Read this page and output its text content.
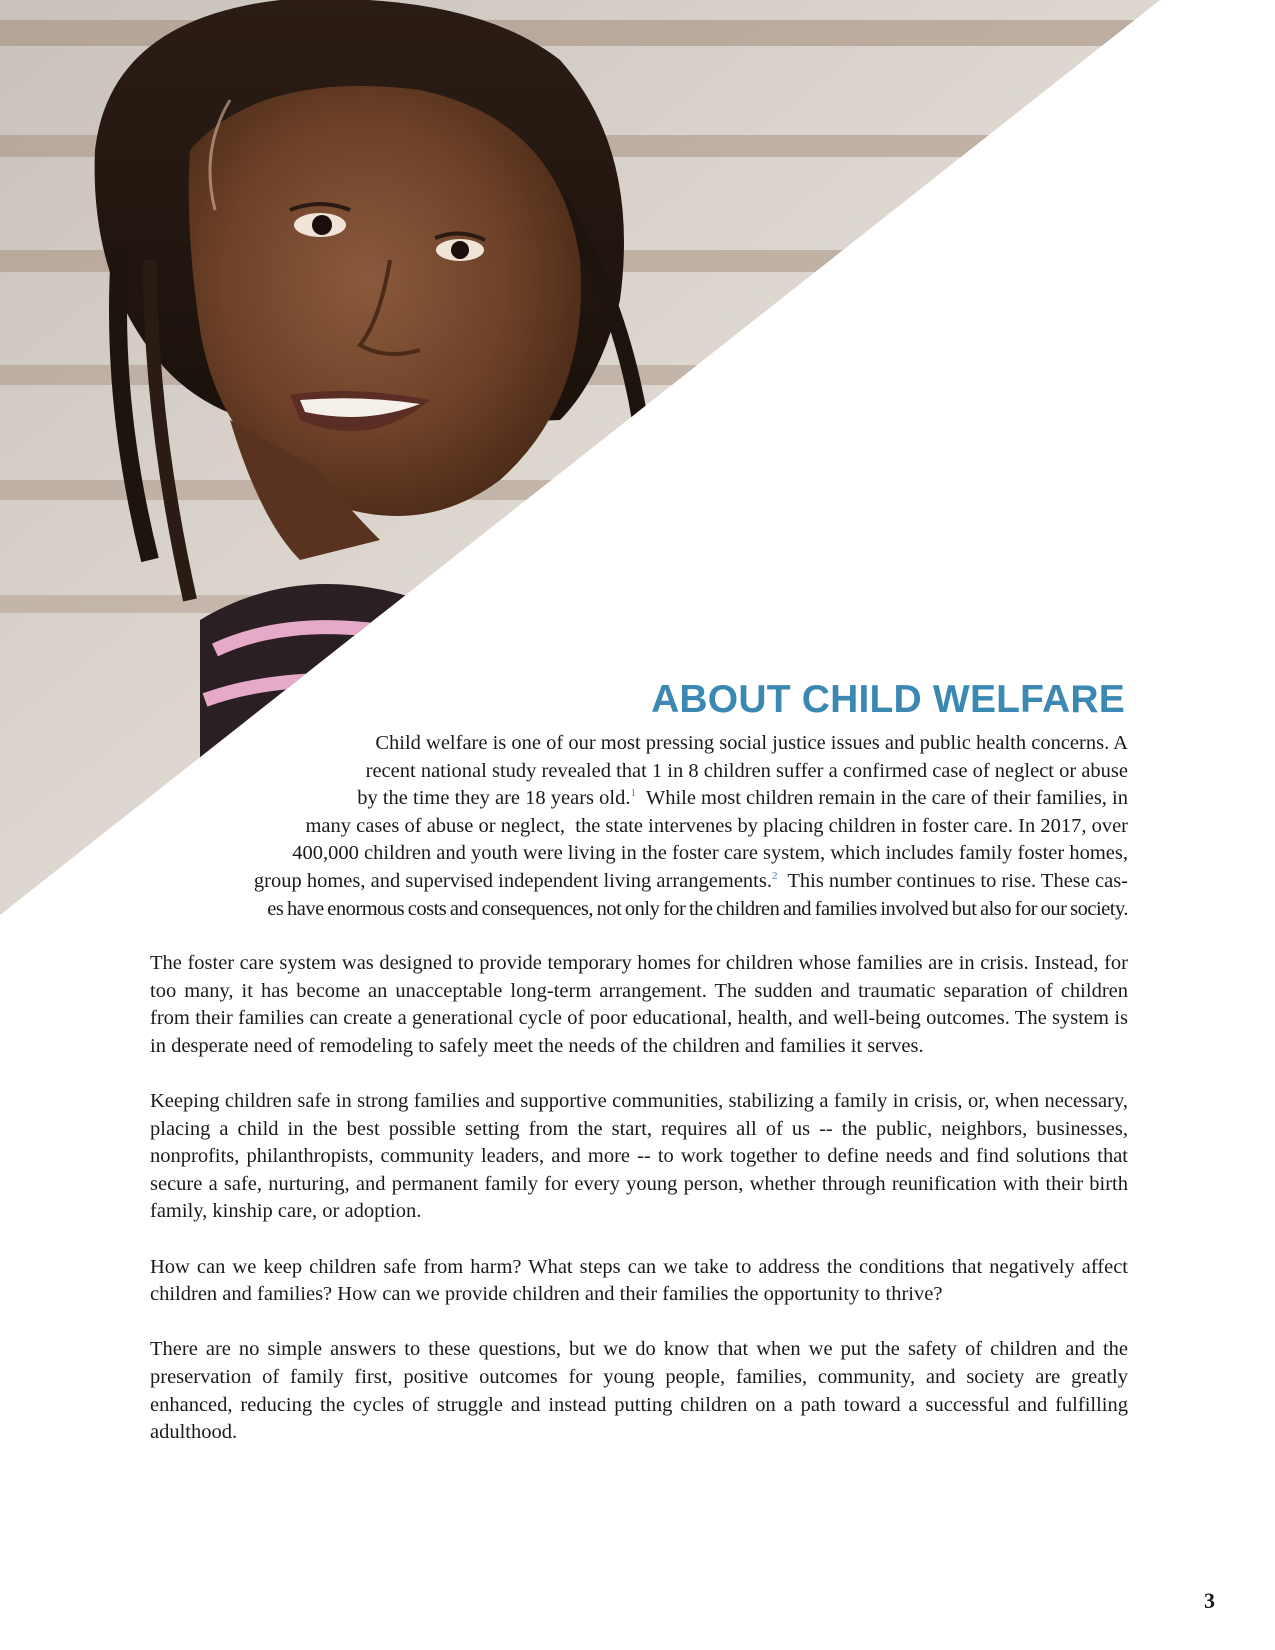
ABOUT CHILD WELFARE
Child welfare is one of our most pressing social justice issues and public health concerns. A
recent national study revealed that 1 in 8 children suffer a confirmed case of neglect or abuse
by the time they are 18 years old.$^1$  While most children remain in the care of their families, in
many cases of abuse or neglect,  the state intervenes by placing children in foster care. In 2017, over
400,000 children and youth were living in the foster care system, which includes family foster homes,
group homes, and supervised independent living arrangements.$^2$  This number continues to rise. These cas-
es have enormous costs and consequences, not only for the children and families involved but also for our society.

The foster care system was designed to provide temporary homes for children whose families are in crisis. Instead, for too many, it has become an unacceptable long-term arrangement. The sudden and traumatic separation of children from their families can create a generational cycle of poor educational, health, and well-being outcomes. The system is in desperate need of remodeling to safely meet the needs of the children and families it serves.

Keeping children safe in strong families and supportive communities, stabilizing a family in crisis, or, when necessary, placing a child in the best possible setting from the start, requires all of us -- the public, neighbors, businesses, nonprofits, philanthropists, community leaders, and more -- to work together to define needs and find solutions that secure a safe, nurturing, and permanent family for every young person, whether through reunification with their birth family, kinship care, or adoption.

How can we keep children safe from harm? What steps can we take to address the conditions that negatively affect children and families? How can we provide children and their families the opportunity to thrive?

There are no simple answers to these questions, but we do know that when we put the safety of children and the preservation of family first, positive outcomes for young people, families, community, and society are greatly enhanced, reducing the cycles of struggle and instead putting children on a path toward a successful and fulfilling adulthood.

3
